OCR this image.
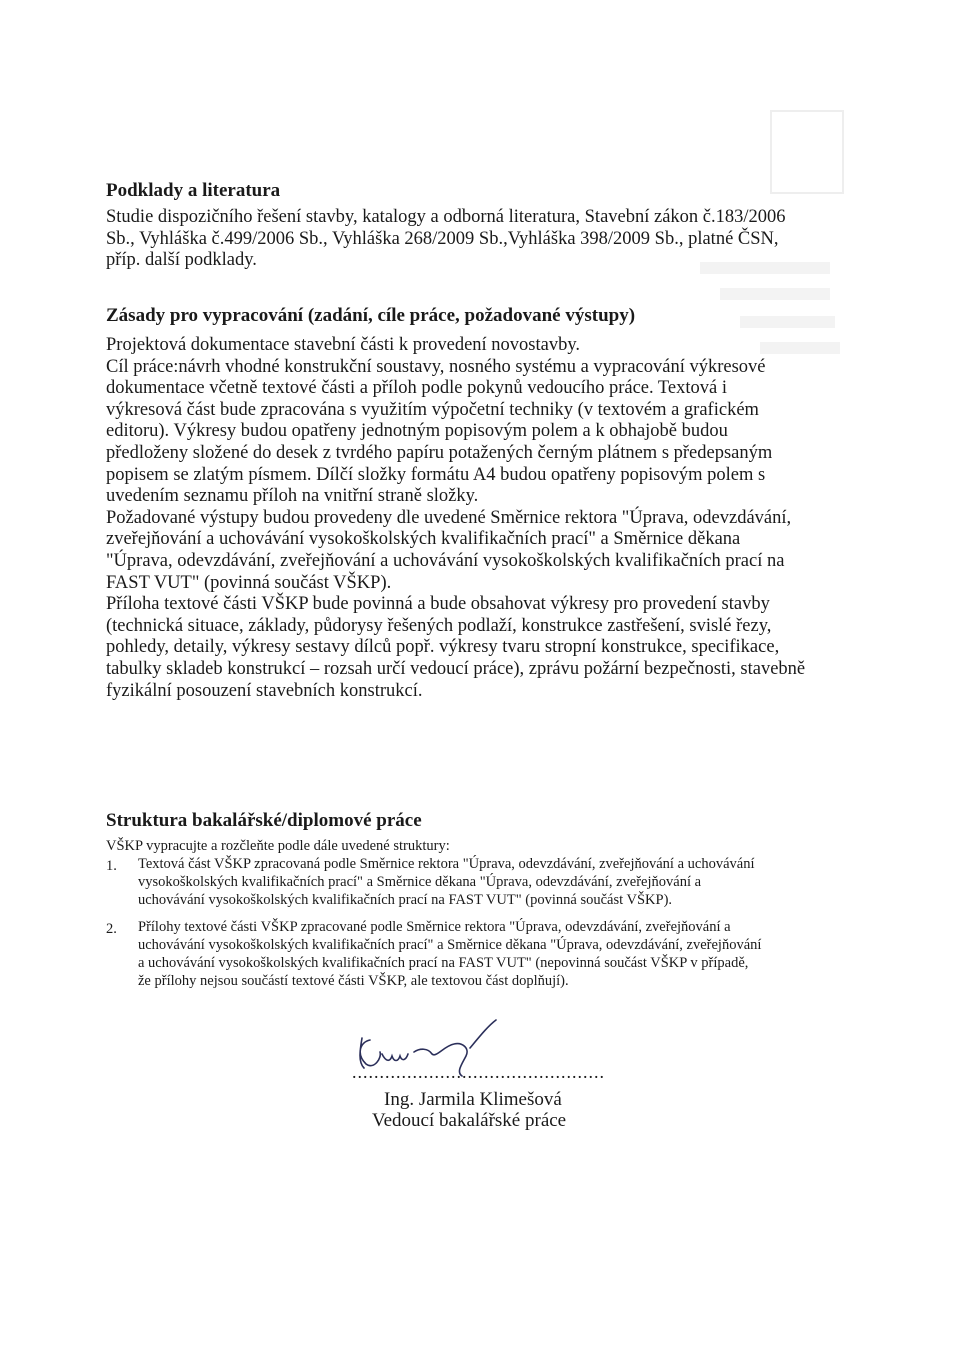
Podklady a literatura
Studie dispozičního řešení stavby, katalogy a odborná literatura, Stavební zákon č.183/2006
Sb., Vyhláška č.499/2006 Sb., Vyhláška 268/2009 Sb.,Vyhláška 398/2009 Sb., platné ČSN,
příp. další podklady.
Zásady pro vypracování (zadání, cíle práce, požadované výstupy)
Projektová dokumentace stavební části k provedení novostavby.
Cíl práce:návrh vhodné konstrukční soustavy, nosného systému a vypracování výkresové
dokumentace včetně textové části a příloh podle pokynů vedoucího práce. Textová i
výkresová část bude zpracována s využitím výpočetní techniky (v textovém a grafickém
editoru). Výkresy budou opatřeny jednotným popisovým polem a k obhajobě budou
předloženy složené do desek z tvrdého papíru potažených černým plátnem s předepsaným
popisem se zlatým písmem. Dílčí složky formátu A4 budou opatřeny popisovým polem s
uvedením seznamu příloh na vnitřní straně složky.
Požadované výstupy budou provedeny dle uvedené Směrnice rektora "Úprava, odevzdávání,
zveřejňování a uchovávání vysokoškolských kvalifikačních prací" a Směrnice děkana
"Úprava, odevzdávání, zveřejňování a uchovávání vysokoškolských kvalifikačních prací na
FAST VUT" (povinná součást VŠKP).
Příloha textové části VŠKP bude povinná a bude obsahovat výkresy pro provedení stavby
(technická situace, základy, půdorysy řešených podlaží, konstrukce zastřešení, svislé řezy,
pohledy, detaily, výkresy sestavy dílců popř. výkresy tvaru stropní konstrukce, specifikace,
tabulky skladeb konstrukcí – rozsah určí vedoucí práce), zprávu požární bezpečnosti, stavebně
fyzikální posouzení stavebních konstrukcí.
Struktura bakalářské/diplomové práce
VŠKP vypracujte a rozčleňte podle dále uvedené struktury:
1. Textová část VŠKP zpracovaná podle Směrnice rektora "Úprava, odevzdávání, zveřejňování a uchovávání
vysokoškolských kvalifikačních prací" a Směrnice děkana "Úprava, odevzdávání, zveřejňování a
uchovávání vysokoškolských kvalifikačních prací na FAST VUT" (povinná součást VŠKP).
2. Přílohy textové části VŠKP zpracované podle Směrnice rektora "Úprava, odevzdávání, zveřejňování a
uchovávání vysokoškolských kvalifikačních prací" a Směrnice děkana "Úprava, odevzdávání, zveřejňování
a uchovávání vysokoškolských kvalifikačních prací na FAST VUT" (nepovinná součást VŠKP v případě,
že přílohy nejsou součástí textové části VŠKP, ale textovou část doplňují).
..............................................
Ing. Jarmila Klimešová
Vedoucí bakalářské práce
